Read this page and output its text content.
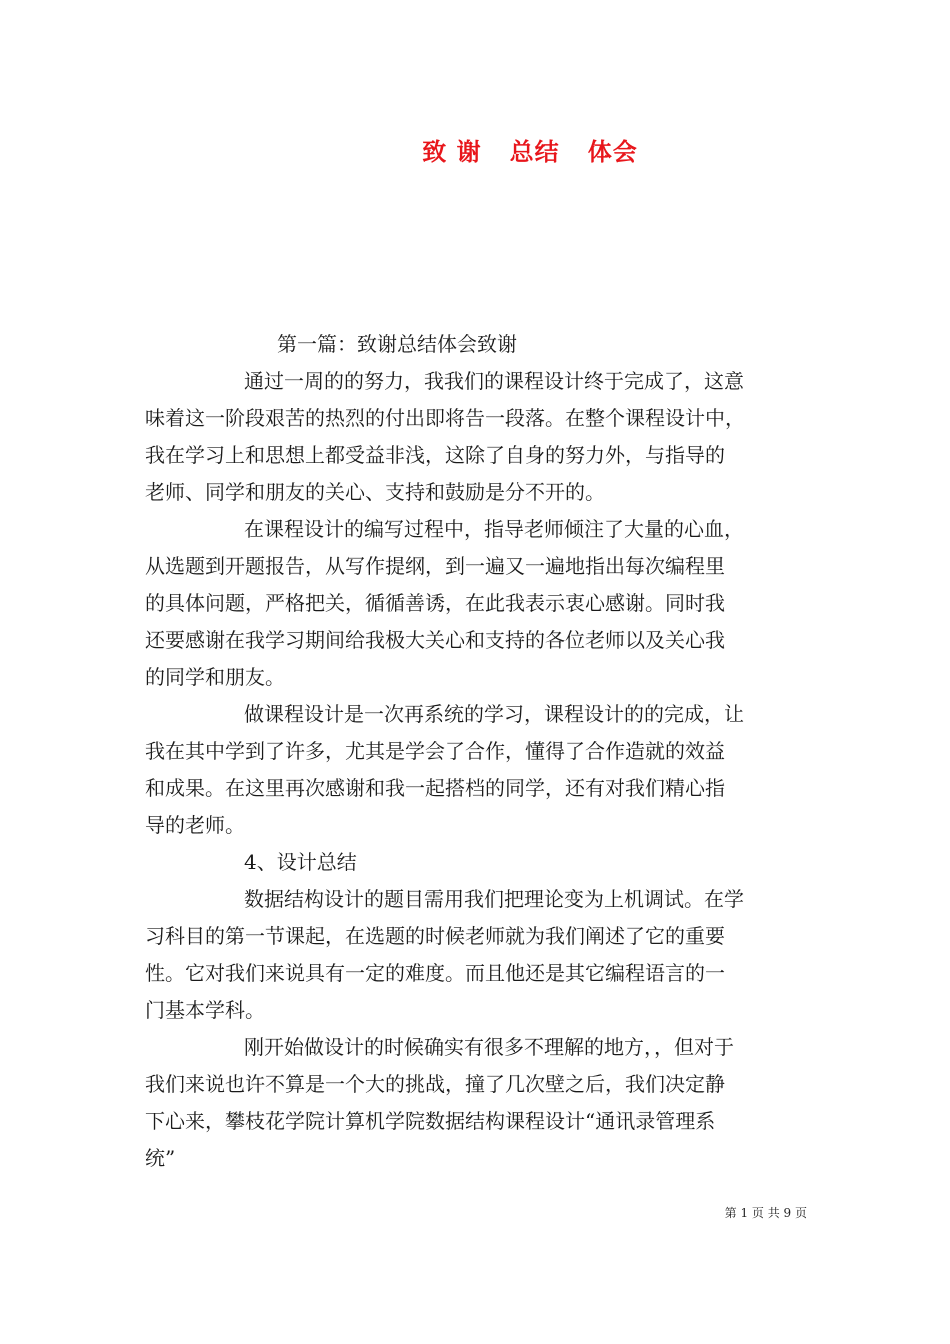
致 谢   总结   体会
第一篇：致谢总结体会致谢
通过一周的的努力，我我们的课程设计终于完成了，这意
味着这一阶段艰苦的热烈的付出即将告一段落。在整个课程设计中，
我在学习上和思想上都受益非浅，这除了自身的努力外，与指导的
老师、同学和朋友的关心、支持和鼓励是分不开的。
在课程设计的编写过程中，指导老师倾注了大量的心血，
从选题到开题报告，从写作提纲，到一遍又一遍地指出每次编程里
的具体问题，严格把关，循循善诱，在此我表示衷心感谢。同时我
还要感谢在我学习期间给我极大关心和支持的各位老师以及关心我
的同学和朋友。
做课程设计是一次再系统的学习，课程设计的的完成，让
我在其中学到了许多，尤其是学会了合作，懂得了合作造就的效益
和成果。在这里再次感谢和我一起搭档的同学，还有对我们精心指
导的老师。
4、设计总结
数据结构设计的题目需用我们把理论变为上机调试。在学
习科目的第一节课起，在选题的时候老师就为我们阐述了它的重要
性。它对我们来说具有一定的难度。而且他还是其它编程语言的一
门基本学科。
刚开始做设计的时候确实有很多不理解的地方，，但对于
我们来说也许不算是一个大的挑战，撞了几次壁之后，我们决定静
下心来，攀枝花学院计算机学院数据结构课程设计“通讯录管理系
统”
第 1 页 共 9 页
